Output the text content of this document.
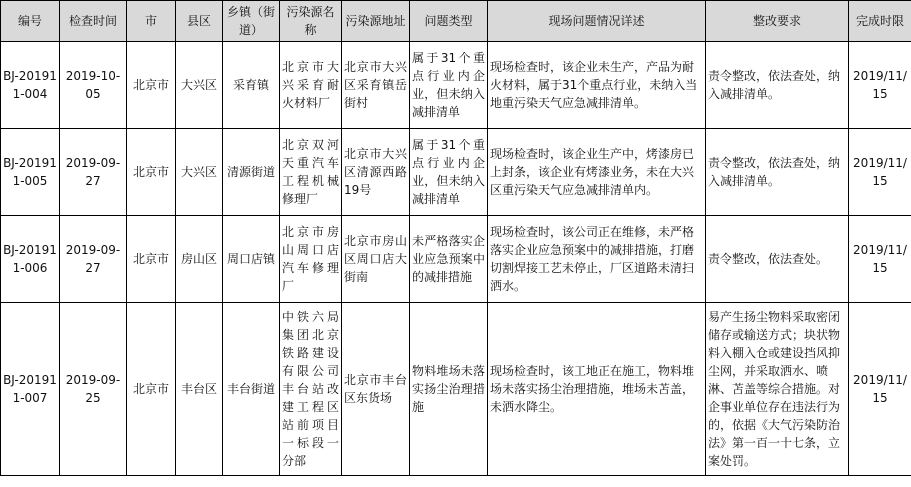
编号	检查时间	市	县区	乡镇（街道）	污染源名称	污染源地址	问题类型	现场问题情况详述	整改要求	完成时限
BJ-201911-004	2019-10-05	北京市	大兴区	采育镇	北京市大兴采育耐火材料厂	北京市大兴区采育镇岳街村	属于31个重点行业内企业，但未纳入减排清单	现场检查时，该企业未生产，产品为耐火材料，属于31个重点行业，未纳入当地重污染天气应急减排清单。	责令整改，依法查处，纳入减排清单。	2019/11/15
BJ-201911-005	2019-09-27	北京市	大兴区	清源街道	北京双河天重汽车工程机械修理厂	北京市大兴区清源西路19号	属于31个重点行业内企业，但未纳入减排清单	现场检查时，该企业生产中，烤漆房已上封条，该企业有烤漆业务，未在大兴区重污染天气应急减排清单内。	责令整改，依法查处，纳入减排清单。	2019/11/15
BJ-201911-006	2019-09-27	北京市	房山区	周口店镇	北京市房山周口店汽车修理厂	北京市房山区周口店大街南	未严格落实企业应急预案中的减排措施	现场检查时，该公司正在维修，未严格落实企业应急预案中的减排措施，打磨切割焊接工艺未停止，厂区道路未清扫洒水。	责令整改，依法查处。	2019/11/15
BJ-201911-007	2019-09-25	北京市	丰台区	丰台街道	中铁六局集团北京铁路建设有限公司丰台站改建工程区站前项目一标段一分部	北京市丰台区东货场	物料堆场未落实扬尘治理措施	现场检查时，该工地正在施工，物料堆场未落实扬尘治理措施，堆场未苫盖，未洒水降尘。	易产生扬尘物料采取密闭储存或输送方式；块状物料入棚入仓或建设挡风抑尘网，并采取洒水、喷淋、苫盖等综合措施。对企事业单位存在违法行为的，依据《大气污染防治法》第一百一十七条，立案处罚。	2019/11/15
